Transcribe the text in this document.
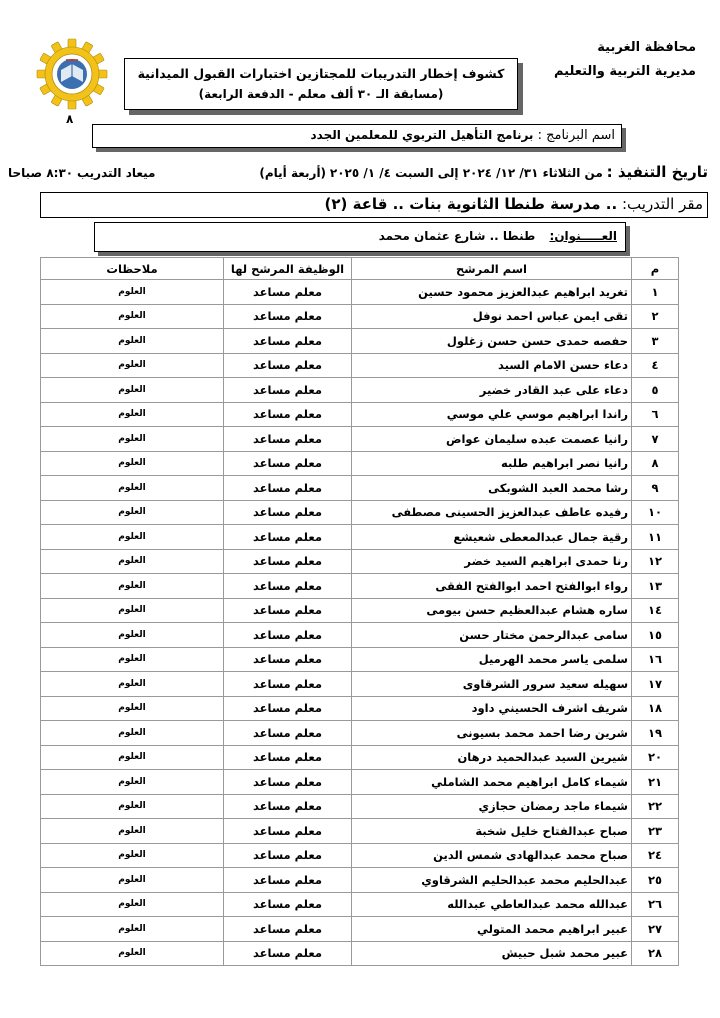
محافظة الغربية
مديرية التربية والتعليم
كشوف إخطار التدريبات للمجتازين اختبارات القبول الميدانية
(مسابقة الـ ٣٠ ألف معلم - الدفعة الرابعة)
٨
اسم البرنامج : برنامج التأهيل التربوي للمعلمين الجدد
تاريخ التنفيذ : من الثلاثاء ٣١/ ١٢/ ٢٠٢٤ إلى السبت ٤/ ١/ ٢٠٢٥ (أربعة أيام)
ميعاد التدريب ٨:٣٠ صباحا
مقر التدريب: .. مدرسة طنطا الثانوية بنات .. قاعة (٢)
العـــــنوان: طنطا .. شارع عثمان محمد
م	اسم المرشح	الوظيفة المرشح لها	ملاحظات
١	تغريد ابراهيم عبدالعزيز محمود حسين	معلم مساعد	العلوم
٢	تقى ايمن عباس احمد نوفل	معلم مساعد	العلوم
٣	حفصه حمدى حسن حسن زغلول	معلم مساعد	العلوم
٤	دعاء حسن الامام السيد	معلم مساعد	العلوم
٥	دعاء على عبد القادر خضير	معلم مساعد	العلوم
٦	راندا ابراهيم موسي علي موسي	معلم مساعد	العلوم
٧	رانيا عصمت عبده سليمان عواض	معلم مساعد	العلوم
٨	رانيا نصر ابراهيم طلبه	معلم مساعد	العلوم
٩	رشا محمد العبد الشوبكى	معلم مساعد	العلوم
١٠	رفيده عاطف عبدالعزيز الحسينى مصطفى	معلم مساعد	العلوم
١١	رقية جمال عبدالمعطى شعيشع	معلم مساعد	العلوم
١٢	رنا حمدى ابراهيم السيد خضر	معلم مساعد	العلوم
١٣	رواء ابوالفتح احمد ابوالفتح الفقى	معلم مساعد	العلوم
١٤	ساره هشام عبدالعظيم حسن بيومى	معلم مساعد	العلوم
١٥	سامى عبدالرحمن مختار حسن	معلم مساعد	العلوم
١٦	سلمى ياسر محمد الهرميل	معلم مساعد	العلوم
١٧	سهيله سعيد سرور الشرقاوى	معلم مساعد	العلوم
١٨	شريف اشرف الحسيني داود	معلم مساعد	العلوم
١٩	شرين رضا احمد محمد بسيونى	معلم مساعد	العلوم
٢٠	شيرين السيد عبدالحميد درهان	معلم مساعد	العلوم
٢١	شيماء كامل ابراهيم محمد الشاملي	معلم مساعد	العلوم
٢٢	شيماء ماجد رمضان حجازي	معلم مساعد	العلوم
٢٣	صباح عبدالفتاح خليل شخبة	معلم مساعد	العلوم
٢٤	صباح محمد عبدالهادى شمس الدين	معلم مساعد	العلوم
٢٥	عبدالحليم محمد عبدالحليم الشرقاوي	معلم مساعد	العلوم
٢٦	عبدالله محمد عبدالعاطي عبدالله	معلم مساعد	العلوم
٢٧	عبير ابراهيم محمد المتولي	معلم مساعد	العلوم
٢٨	عبير محمد شبل حبيش	معلم مساعد	العلوم
